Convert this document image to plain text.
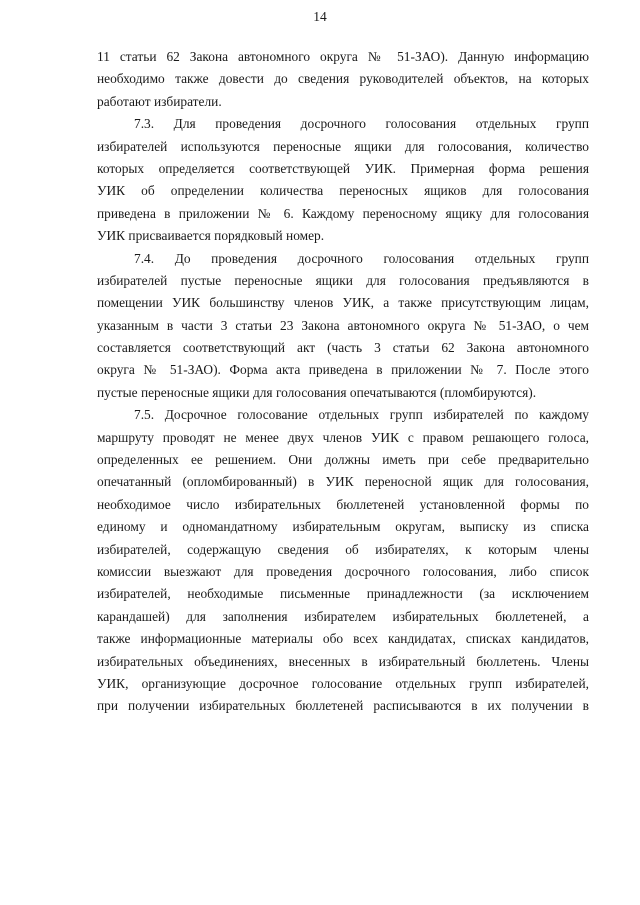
14
11 статьи 62 Закона автономного округа № 51-ЗАО). Данную информацию
необходимо также довести до сведения руководителей объектов, на которых
работают избиратели.
7.3. Для проведения досрочного голосования отдельных групп
избирателей используются переносные ящики для голосования, количество
которых определяется соответствующей УИК. Примерная форма решения
УИК об определении количества переносных ящиков для голосования
приведена в приложении № 6. Каждому переносному ящику для голосования
УИК присваивается порядковый номер.
7.4. До проведения досрочного голосования отдельных групп
избирателей пустые переносные ящики для голосования предъявляются в
помещении УИК большинству членов УИК, а также присутствующим лицам,
указанным в части 3 статьи 23 Закона автономного округа № 51-ЗАО, о чем
составляется соответствующий акт (часть 3 статьи 62 Закона автономного
округа № 51-ЗАО). Форма акта приведена в приложении № 7. После этого
пустые переносные ящики для голосования опечатываются (пломбируются).
7.5. Досрочное голосование отдельных групп избирателей по каждому
маршруту проводят не менее двух членов УИК с правом решающего голоса,
определенных ее решением. Они должны иметь при себе предварительно
опечатанный (опломбированный) в УИК переносной ящик для голосования,
необходимое число избирательных бюллетеней установленной формы по
единому и одномандатному избирательным округам, выписку из списка
избирателей, содержащую сведения об избирателях, к которым члены
комиссии выезжают для проведения досрочного голосования, либо список
избирателей, необходимые письменные принадлежности (за исключением
карандашей) для заполнения избирателем избирательных бюллетеней, а
также информационные материалы обо всех кандидатах, списках кандидатов,
избирательных объединениях, внесенных в избирательный бюллетень. Члены
УИК, организующие досрочное голосование отдельных групп избирателей,
при получении избирательных бюллетеней расписываются в их получении в
